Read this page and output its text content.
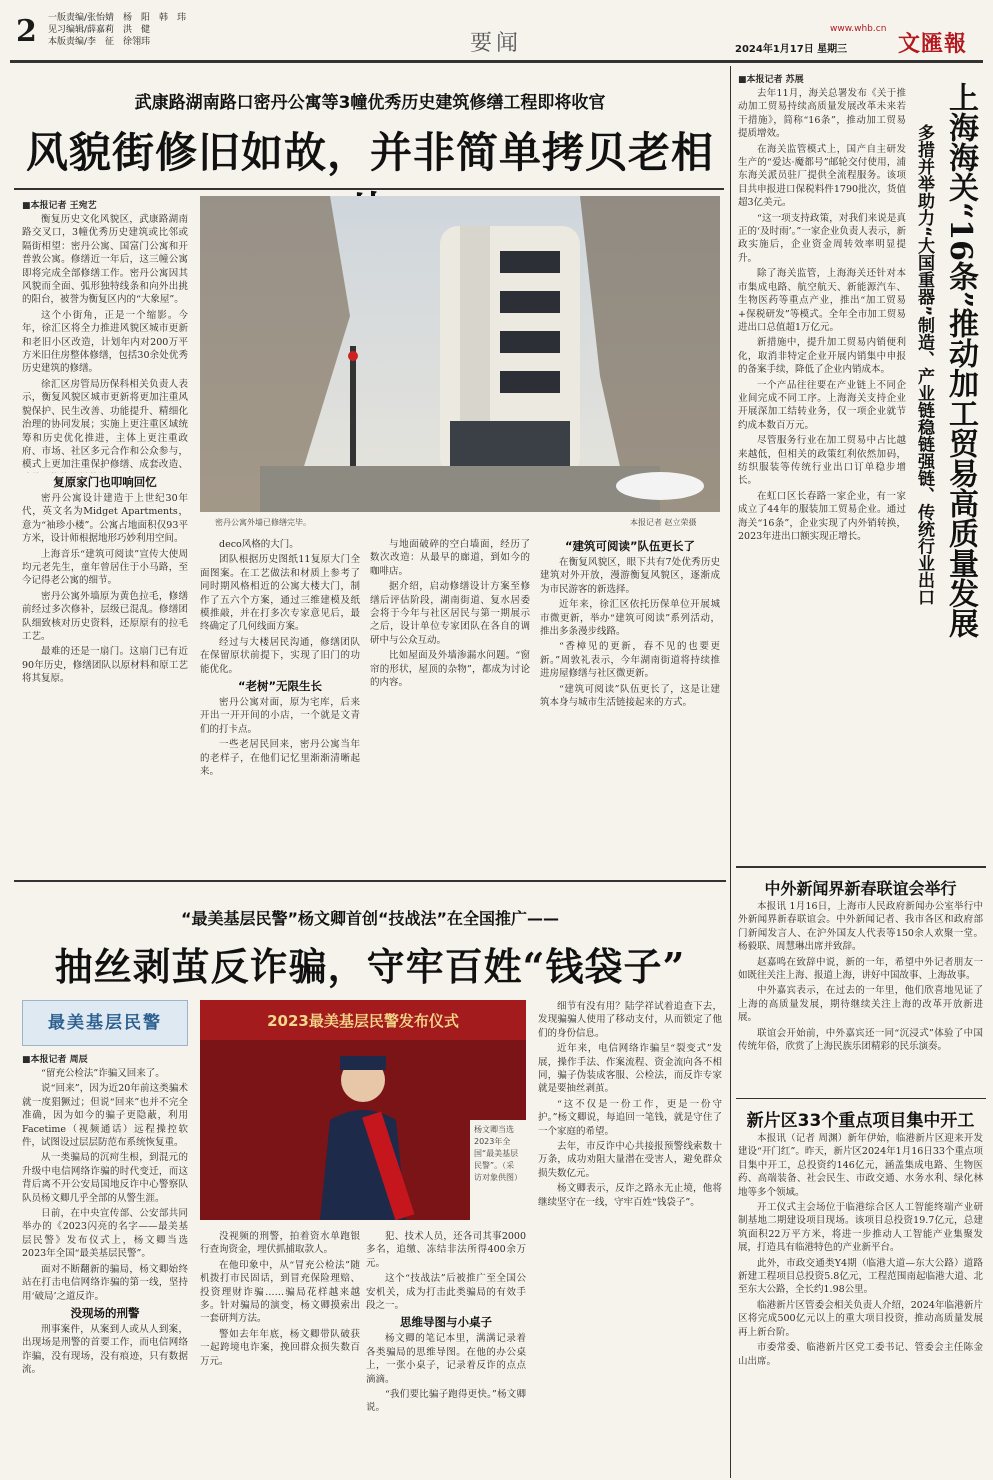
2 一版责编/张怡婧　杨　阳　韩　玮
见习编辑/薛嘉莉　洪　健
本版责编/李　征　徐翎玮	要闻
www.whb.cn
2024年1月17日 星期三 文匯報
武康路湖南路口密丹公寓等3幢优秀历史建筑修缮工程即将收官
风貌街修旧如故，并非简单拷贝老相

■本报记者 王宛艺

衡复历史文化风貌区，武康路湖南路交叉口，3幢优秀历史建筑或比邻或隔街相望：密丹公寓、国富门公寓和开普敦公寓。修缮近一年后，这三幢公寓即将完成全部修缮工作。密丹公寓因其风貌而全面、弧形独特线条和向外出挑的阳台，被誉为衡复区内的“大象屋”。

这个小街角，正是一个缩影。今年，徐汇区将全力推进风貌区城市更新和老旧小区改造，计划年内对200万平方米旧住房整体修缮，包括30余处优秀历史建筑的修缮。

徐汇区房管局历保科相关负责人表示，衡复风貌区城市更新将更加注重风貌保护、民生改善、功能提升、精细化治理的协同发展；实施上更注重区域统筹和历史优化推进，主体上更注重政府、市场、社区多元合作和公众参与，模式上更加注重保护修缮、成套改造、

复原家门也叩响回忆

密丹公寓设计建造于上世纪30年代，英文名为Midget Apartments，意为“袖珍小楼”。公寓占地面积仅93平方米，设计师根据地形巧妙利用空间。

上海音乐“建筑可阅读”宣传大使周均元老先生，童年曾居住于小马路，至今记得老公寓的细节。

密丹公寓外墙原为黄色拉毛，修缮前经过多次修补，层级已混乱。修缮团队细致核对历史资料，还原原有的拉毛工艺。

最难的还是一扇门。这扇门已有近90年历史，修缮团队以原材料和原工艺将其复原。

密丹公寓外墙已修缮完毕。	本报记者 赵立荣摄

deco风格的大门。

团队根据历史图纸11复原大门全面图案。在工艺做法和材质上参考了同时期风格相近的公寓大楼大门，制作了五六个方案，通过三维建模及纸模推敲，并在打多次专家意见后，最终确定了几何线面方案。

经过与大楼居民沟通，修缮团队在保留原状前提下，实现了旧门的功能优化。

“老树”无限生长

密丹公寓对面，原为宅库，后来开出一开开间的小店，一个就是文青们的打卡点。

一些老居民回来，密丹公寓当年的老样子，在他们记忆里渐渐清晰起来。

与地面破碎的空白墙面，经历了数次改造：从最早的廊道，到如今的咖啡店。

据介绍，启动修缮设计方案至修缮后评估阶段，湖南街道、复水居委会将于今年与社区居民与第一期展示之后，设计单位专家团队在各自的调研中与公众互动。

比如屋面及外墙渗漏水问题。“窗帘的形状，屋顶的杂物”，都成为讨论的内容。

“建筑可阅读”队伍更长了

在衡复风貌区，眼下共有7处优秀历史建筑对外开放，漫游衡复风貌区，逐渐成为市民游客的新选择。

近年来，徐汇区依托历保单位开展城市微更新，举办“建筑可阅读”系列活动，推出多条漫步线路。

“香樟见的更新，春不见的也要更新。”周敦礼表示，今年湖南街道将持续推进房屋修缮与社区微更新。

“建筑可阅读”队伍更长了，这是让建筑本身与城市生活链接起来的方式。

■本报记者 苏展

去年11月，海关总署发布《关于推动加工贸易持续高质量发展改革未来若干措施》，简称“16条”，推动加工贸易提质增效。

在海关监管模式上，国产自主研发生产的“爱达·魔都号”邮轮交付使用，浦东海关派员驻厂提供全流程服务。该项目共申报进口保税料件1790批次，货值超3亿美元。

“这一项支持政策，对我们来说是真正的‘及时雨’。”一家企业负责人表示，新政实施后，企业资金周转效率明显提升。

除了海关监管，上海海关还针对本市集成电路、航空航天、新能源汽车、生物医药等重点产业，推出“加工贸易+保税研发”等模式。全年全市加工贸易进出口总值超1万亿元。

新措施中，提升加工贸易内销便利化，取消非特定企业开展内销集中申报的备案手续，降低了企业内销成本。

一个产品往往要在产业链上不同企业间完成不同工序。上海海关支持企业开展深加工结转业务，仅一项企业就节约成本数百万元。

尽管服务行业在加工贸易中占比越来越低，但相关的政策红利依然加码，纺织服装等传统行业出口订单稳步增长。

在虹口区长春路一家企业，有一家成立了44年的服装加工贸易企业。通过海关“16条”，企业实现了内外销转换，2023年进出口额实现正增长。	上海海关“16条”推动加工贸易高质量发展
多措并举助力“大国重器”制造、产业链稳链强链、传统行业出口
中外新闻界新春联谊会举行

本报讯 1月16日，上海市人民政府新闻办公室举行中外新闻界新春联谊会。中外新闻记者、我市各区和政府部门新闻发言人、在沪外国友人代表等150余人欢聚一堂。杨毅联、周慧琳出席并致辞。

赵嘉鸣在致辞中说，新的一年，希望中外记者朋友一如既往关注上海、报道上海，讲好中国故事、上海故事。

中外嘉宾表示，在过去的一年里，他们欣喜地见证了上海的高质量发展，期待继续关注上海的改革开放新进展。

联谊会开始前，中外嘉宾还一同“沉浸式”体验了中国传统年俗，欣赏了上海民族乐团精彩的民乐演奏。

新片区33个重点项目集中开工

本报讯（记者 周渊）新年伊始，临港新片区迎来开发建设“开门红”。昨天，新片区2024年1月16日33个重点项目集中开工，总投资约146亿元，涵盖集成电路、生物医药、高端装备、社会民生、市政交通、水务水利、绿化林地等多个领域。

开工仪式主会场位于临港综合区人工智能终端产业研制基地二期建设项目现场。该项目总投资19.7亿元，总建筑面积22万平方米，将进一步推动人工智能产业集聚发展，打造具有临港特色的产业新平台。

此外，市政交通类Y4期（临港大道—东大公路）道路新建工程项目总投资5.8亿元，工程范围南起临港大道、北至东大公路，全长约1.98公里。

临港新片区管委会相关负责人介绍，2024年临港新片区将完成500亿元以上的重大项目投资，推动高质量发展再上新台阶。

市委常委、临港新片区党工委书记、管委会主任陈金山出席。

“最美基层民警”杨文卿首创“技战法”在全国推广——
抽丝剥茧反诈骗，守牢百姓“钱袋子”
最美基层民警

■本报记者 周辰

“留充公检法”诈骗又回来了。

说“回来”，因为近20年前这类骗术就一度猖獗过；但说“回来”也并不完全准确，因为如今的骗子更隐蔽，利用Facetime（视频通话）远程操控软件，试图设过层层防范布系统恢复重。

从一类骗局的沉疴生根，到混元的升级中电信网络诈骗的时代变迁，而这背后离不开公安局国地反诈中心警察队队员杨文卿几乎全部的从警生涯。

日前，在中央宣传部、公安部共同举办的《2023闪亮的名字——最美基层民警》发布仪式上，杨文卿当选2023年全国“最美基层民警”。

面对不断翻新的骗局，杨文卿始终站在打击电信网络诈骗的第一线，坚持用‘破局’之道反诈。

没现场的刑警

刑事案件，从案到人或从人到案，出现场是刑警的首要工作，而电信网络诈骗，没有现场，没有痕迹，只有数据流。

2023最美基层民警发布仪式
杨文卿当选2023年全国“最美基层民警”。（采访对象供图）

没视频的刑警，拍着资水单跑银行查询资金，埋伏抓捕取款人。

在他印象中，从“冒充公检法”随机拨打市民固话，到冒充保险理赔、投资理财诈骗……骗局花样越来越多。针对骗局的演变，杨文卿摸索出一套研判方法。

警如去年年底，杨文卿带队破获一起跨境电诈案，挽回群众损失数百万元。

犯、技术人员，还各司其事2000多名，追缴、冻结非法所得400余万元。

这个“技战法”后被推广至全国公安机关，成为打击此类骗局的有效手段之一。

思维导图与小桌子

杨文卿的笔记本里，满满记录着各类骗局的思维导图。在他的办公桌上，一张小桌子，记录着反诈的点点滴滴。

“我们要比骗子跑得更快。”杨文卿说。

细节有没有用？陆学祥试着追查下去，发现骗骗人使用了移动支付，从而锁定了他们的身份信息。

近年来，电信网络诈骗呈“裂变式”发展，操作手法、作案流程、资金流向各不相同，骗子伪装成客服、公检法，而反诈专家就是要抽丝剥茧。

“这不仅是一份工作，更是一份守护。”杨文卿说，每追回一笔钱，就是守住了一个家庭的希望。

去年，市反诈中心共接报预警线索数十万条，成功劝阻大量潜在受害人，避免群众损失数亿元。

杨文卿表示，反诈之路永无止境，他将继续坚守在一线，守牢百姓“钱袋子”。
